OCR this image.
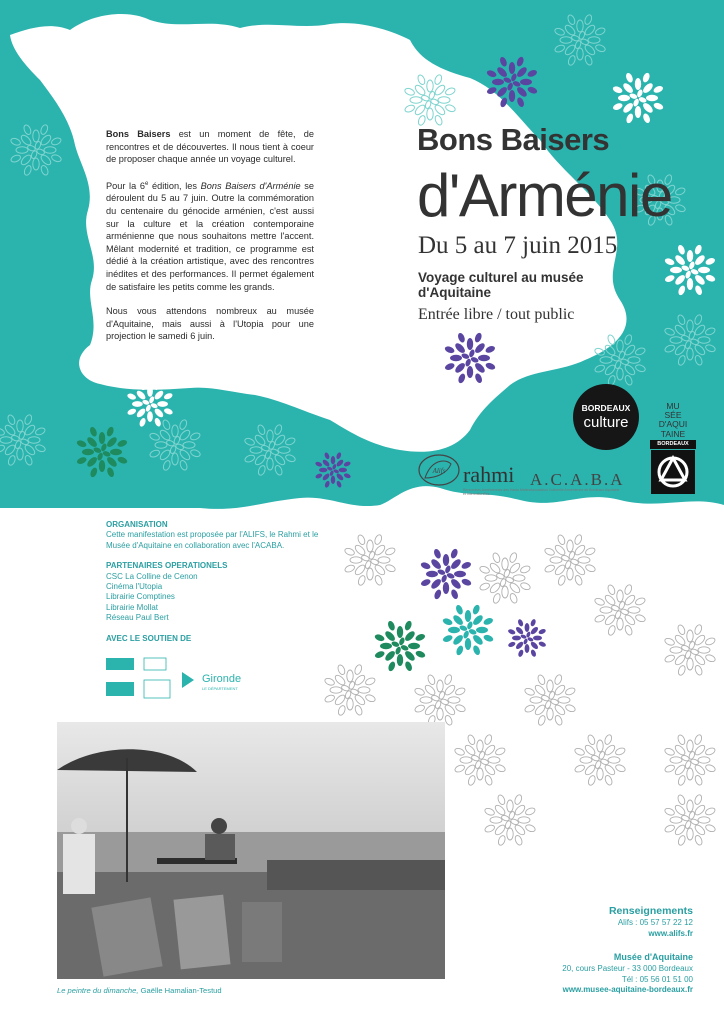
Bons Baisers est un moment de fête, de rencontres et de découvertes. Il nous tient à coeur de proposer chaque année un voyage culturel.

Pour la 6e édition, les Bons Baisers d'Arménie se déroulent du 5 au 7 juin. Outre la commémoration du centenaire du génocide arménien, c'est aussi sur la culture et la création contemporaine arménienne que nous souhaitons mettre l'accent. Mêlant modernité et tradition, ce programme est dédié à la création artistique, avec des rencontres inédites et des performances. Il permet également de satisfaire les petits comme les grands.

Nous vous attendons nombreux au musée d'Aquitaine, mais aussi à l'Utopia pour une projection le samedi 6 juin.

Bons Baisers
d'Arménie
Du 5 au 7 juin 2015
Voyage culturel au musée d'Aquitaine
Entrée libre / tout public
BORDEAUX
culture
MU
SÉE
D'AQUI
TAINE
BORDEAUX
Alifs rahmi
Rencontres Arméniennes des Hauts Mixtes et Interculturelles
A.C.A.B.A
Association Culturelle Arménienne de Bordeaux Aquitaine
ORGANISATION
Cette manifestation est proposée par l'ALIFS, le Rahmi et le Musée d'Aquitaine en collaboration avec l'ACABA.
PARTENAIRES OPERATIONELS
CSC La Colline de Cenon
Cinéma l'Utopia
Librairie Comptines
Librairie Mollat
Réseau Paul Bert
AVEC LE SOUTIEN DE
Gironde
LE DÉPARTEMENT
Le peintre du dimanche, Gaëlle Hamalian-Testud
Renseignements
Alifs : 05 57 57 22 12
www.alifs.fr
Musée d'Aquitaine
20, cours Pasteur - 33 000 Bordeaux
Tél : 05 56 01 51 00
www.musee-aquitaine-bordeaux.fr
